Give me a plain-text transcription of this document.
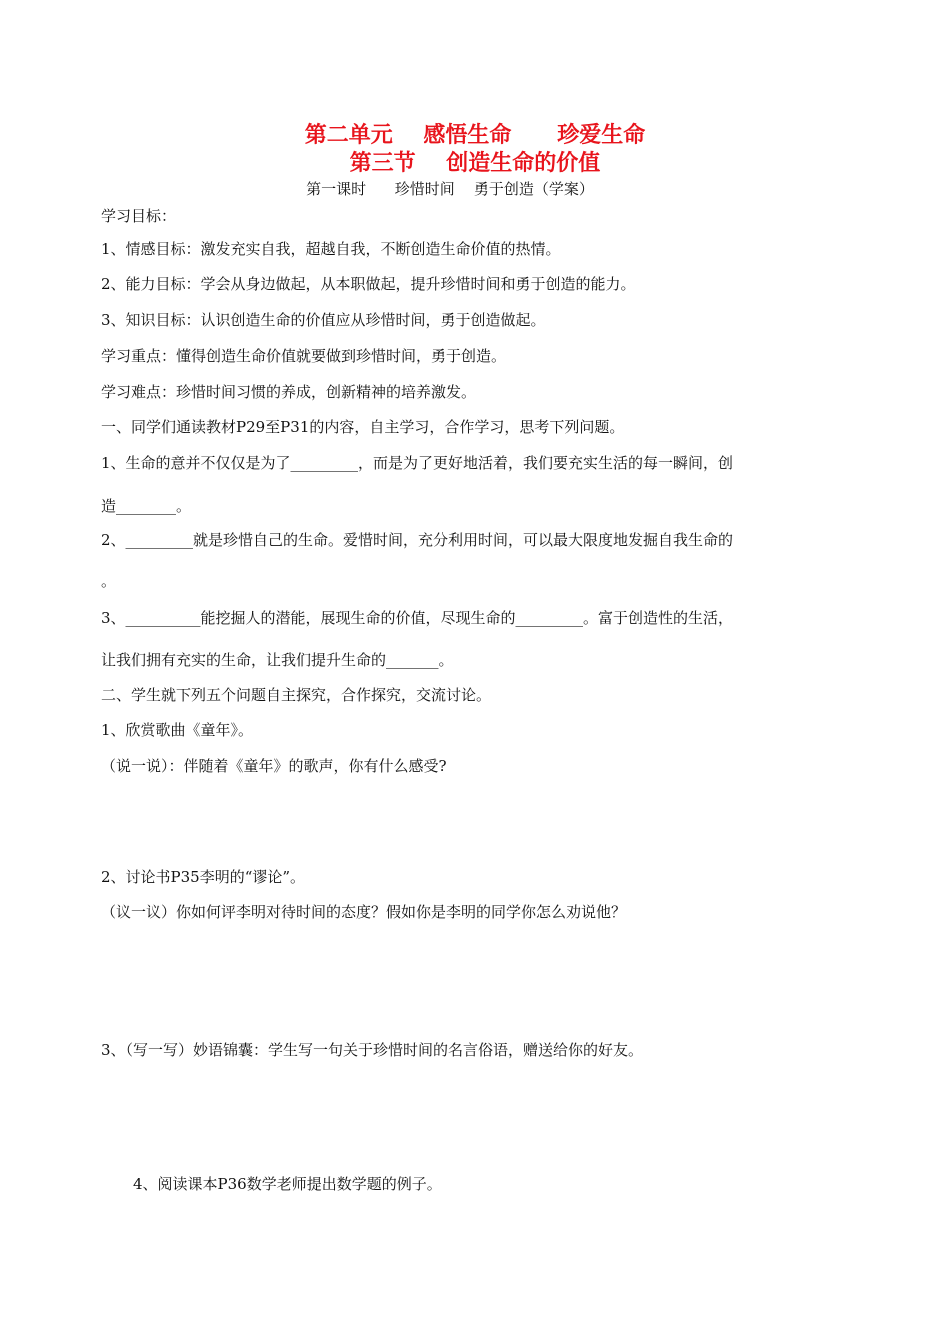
第二单元    感悟生命      珍爱生命
第三节    创造生命的价值
第一课时      珍惜时间    勇于创造（学案）
学习目标：
1、情感目标：激发充实自我，超越自我，不断创造生命价值的热情。
2、能力目标：学会从身边做起，从本职做起，提升珍惜时间和勇于创造的能力。
3、知识目标：认识创造生命的价值应从珍惜时间，勇于创造做起。
学习重点：懂得创造生命价值就要做到珍惜时间，勇于创造。
学习难点：珍惜时间习惯的养成，创新精神的培养激发。
一、同学们通读教材P29至P31的内容，自主学习，合作学习，思考下列问题。
1、生命的意并不仅仅是为了_________，而是为了更好地活着，我们要充实生活的每一瞬间，创
造________。
2、_________就是珍惜自己的生命。爱惜时间，充分利用时间，可以最大限度地发掘自我生命的
。
3、__________能挖掘人的潜能，展现生命的价值，尽现生命的_________。富于创造性的生活，
让我们拥有充实的生命，让我们提升生命的_______。
二、学生就下列五个问题自主探究，合作探究，交流讨论。
1、欣赏歌曲《童年》。
（说一说）：伴随着《童年》的歌声，你有什么感受?
2、讨论书P35李明的“谬论”。
（议一议）你如何评李明对待时间的态度？假如你是李明的同学你怎么劝说他？
3、（写一写）妙语锦囊：学生写一句关于珍惜时间的名言俗语，赠送给你的好友。
4、阅读课本P36数学老师提出数学题的例子。
